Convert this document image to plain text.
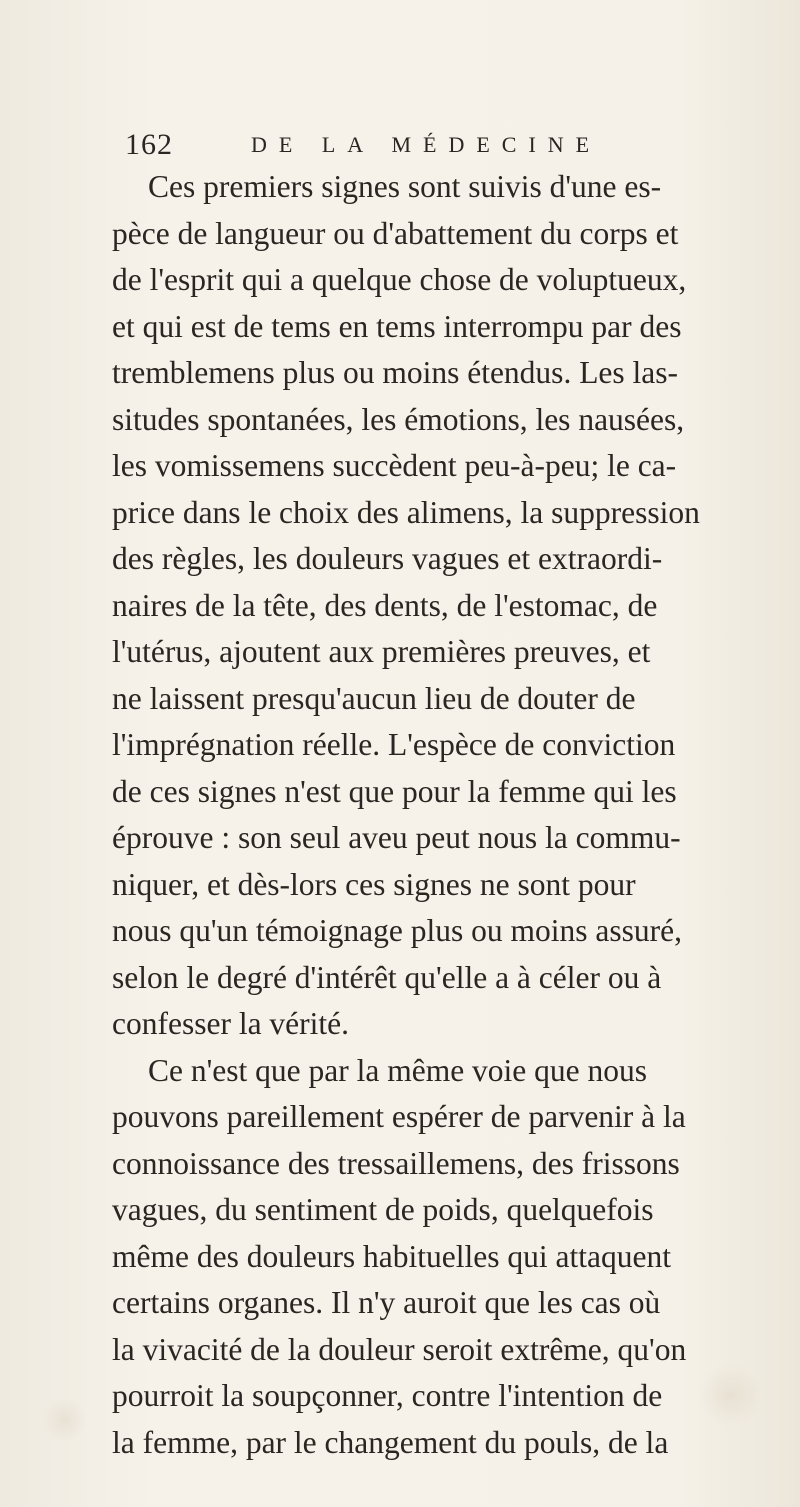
162	DE LA MÉDECINE
Ces premiers signes sont suivis d'une es-
pèce de langueur ou d'abattement du corps et
de l'esprit qui a quelque chose de voluptueux,
et qui est de tems en tems interrompu par des
tremblemens plus ou moins étendus. Les las-
situdes spontanées, les émotions, les nausées,
les vomissemens succèdent peu-à-peu; le ca-
price dans le choix des alimens, la suppression
des règles, les douleurs vagues et extraordi-
naires de la tête, des dents, de l'estomac, de
l'utérus, ajoutent aux premières preuves, et
ne laissent presqu'aucun lieu de douter de
l'imprégnation réelle. L'espèce de conviction
de ces signes n'est que pour la femme qui les
éprouve : son seul aveu peut nous la commu-
niquer, et dès-lors ces signes ne sont pour
nous qu'un témoignage plus ou moins assuré,
selon le degré d'intérêt qu'elle a à céler ou à
confesser la vérité.
Ce n'est que par la même voie que nous
pouvons pareillement espérer de parvenir à la
connoissance des tressaillemens, des frissons
vagues, du sentiment de poids, quelquefois
même des douleurs habituelles qui attaquent
certains organes. Il n'y auroit que les cas où
la vivacité de la douleur seroit extrême, qu'on
pourroit la soupçonner, contre l'intention de
la femme, par le changement du pouls, de la
